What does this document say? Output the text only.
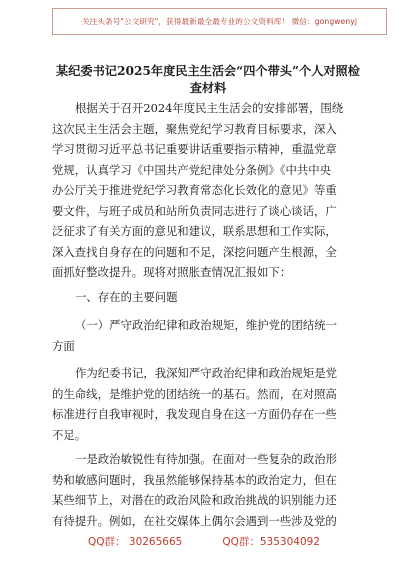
关注头条号"公文研究"，获得最新最全最专业的公文资料库！ 微信：gongwenyj
某纪委书记2025年度民主生活会“四个带头”个人对照检
查材料
根据关于召开2024年度民主生活会的安排部署，围绕
这次民主生活会主题，聚焦党纪学习教育目标要求，深入
学习贯彻习近平总书记重要讲话重要指示精神，重温党章
党规，认真学习《中国共产党纪律处分条例》《中共中央
办公厅关于推进党纪学习教育常态化长效化的意见》等重
要文件，与班子成员和站所负责同志进行了谈心谈话，广
泛征求了有关方面的意见和建议，联系思想和工作实际，
深入查找自身存在的问题和不足，深挖问题产生根源，全
面抓好整改提升。现将对照胀查情况汇报如下：
一、存在的主要问题
（一）严守政治纪律和政治规矩，维护党的团结统一
方面
作为纪委书记，我深知严守政治纪律和政治规矩是党
的生命线，是维护党的团结统一的基石。然而，在对照高
标准进行自我审视时，我发现自身在这一方面仍存在一些
不足。
一是政治敏锐性有待加强。在面对一些复杂的政治形
势和敏感问题时，我虽然能够保持基本的政治定力，但在
某些细节上，对潜在的政治风险和政治挑战的识别能力还
有待提升。例如，在社交媒体上偶尔会遇到一些涉及党的
QQ群： 30265665	QQ群：535304092
